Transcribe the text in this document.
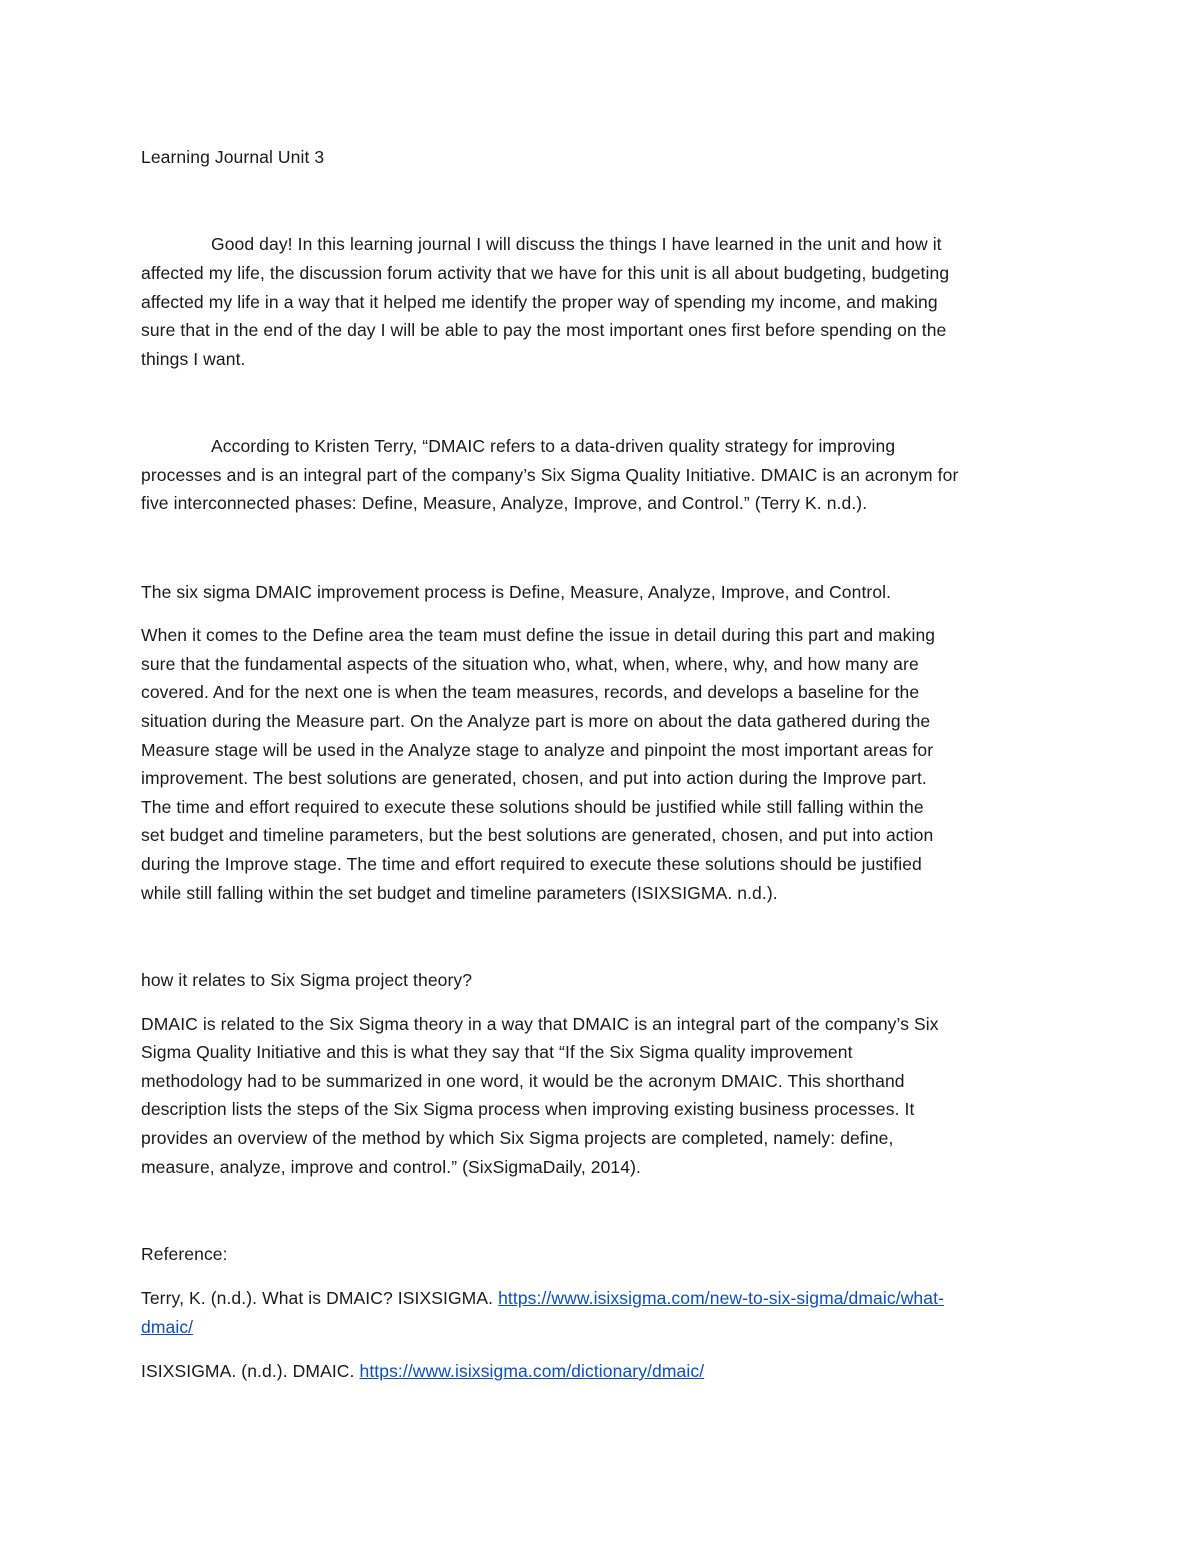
Learning Journal Unit 3
Good day! In this learning journal I will discuss the things I have learned in the unit and how it
affected my life, the discussion forum activity that we have for this unit is all about budgeting, budgeting
affected my life in a way that it helped me identify the proper way of spending my income, and making
sure that in the end of the day I will be able to pay the most important ones first before spending on the
things I want.
According to Kristen Terry, “DMAIC refers to a data-driven quality strategy for improving
processes and is an integral part of the company’s Six Sigma Quality Initiative. DMAIC is an acronym for
five interconnected phases: Define, Measure, Analyze, Improve, and Control.” (Terry K. n.d.).
The six sigma DMAIC improvement process is Define, Measure, Analyze, Improve, and Control.
When it comes to the Define area the team must define the issue in detail during this part and making
sure that the fundamental aspects of the situation who, what, when, where, why, and how many are
covered. And for the next one is when the team measures, records, and develops a baseline for the
situation during the Measure part. On the Analyze part is more on about the data gathered during the
Measure stage will be used in the Analyze stage to analyze and pinpoint the most important areas for
improvement. The best solutions are generated, chosen, and put into action during the Improve part.
The time and effort required to execute these solutions should be justified while still falling within the
set budget and timeline parameters, but the best solutions are generated, chosen, and put into action
during the Improve stage. The time and effort required to execute these solutions should be justified
while still falling within the set budget and timeline parameters (ISIXSIGMA. n.d.).
how it relates to Six Sigma project theory?
DMAIC is related to the Six Sigma theory in a way that DMAIC is an integral part of the company’s Six
Sigma Quality Initiative and this is what they say that “If the Six Sigma quality improvement
methodology had to be summarized in one word, it would be the acronym DMAIC. This shorthand
description lists the steps of the Six Sigma process when improving existing business processes. It
provides an overview of the method by which Six Sigma projects are completed, namely: define,
measure, analyze, improve and control.” (SixSigmaDaily, 2014).
Reference:
Terry, K. (n.d.). What is DMAIC? ISIXSIGMA. https://www.isixsigma.com/new-to-six-sigma/dmaic/what-
dmaic/
ISIXSIGMA. (n.d.). DMAIC. https://www.isixsigma.com/dictionary/dmaic/
